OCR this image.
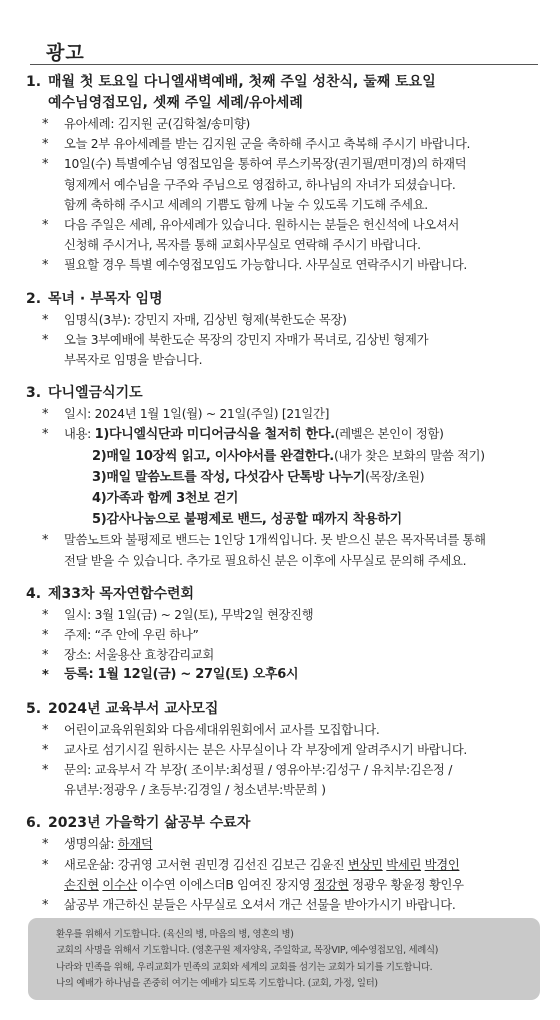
광고
1. 매월 첫 토요일 다니엘새벽예배, 첫째 주일 성찬식, 둘째 토요일
예수님영접모임, 셋째 주일 세례/유아세례
* 유아세례: 김지원 군(김학철/송미향)
* 오늘 2부 유아세례를 받는 김지원 군을 축하해 주시고 축복해 주시기 바랍니다.
* 10일(수) 특별예수님 영접모임을 통하여 루스키목장(권기필/편미경)의 하재덕
형제께서 예수님을 구주와 주님으로 영접하고, 하나님의 자녀가 되셨습니다.
함께 축하해 주시고 세례의 기쁨도 함께 나눌 수 있도록 기도해 주세요.
* 다음 주일은 세례, 유아세례가 있습니다. 원하시는 분들은 헌신석에 나오셔서
신청해 주시거나, 목자를 통해 교회사무실로 연락해 주시기 바랍니다.
* 필요할 경우 특별 예수영접모임도 가능합니다. 사무실로 연락주시기 바랍니다.
2. 목녀 · 부목자 임명
* 임명식(3부): 강민지 자매, 김상빈 형제(북한도순 목장)
* 오늘 3부예배에 북한도순 목장의 강민지 자매가 목녀로, 김상빈 형제가
부목자로 임명을 받습니다.
3. 다니엘금식기도
* 일시: 2024년 1월 1일(월) ~ 21일(주일) [21일간]
* 내용: 1)다니엘식단과 미디어금식을 철저히 한다.(레벨은 본인이 정함)
2)매일 10장씩 읽고, 이사야서를 완결한다.(내가 찾은 보화의 말씀 적기)
3)매일 말씀노트를 작성, 다섯감사 단톡방 나누기(목장/초원)
4)가족과 함께 3천보 걷기
5)감사나눔으로 불평제로 밴드, 성공할 때까지 착용하기
* 말씀노트와 불평제로 밴드는 1인당 1개씩입니다. 못 받으신 분은 목자목녀를 통해
전달 받을 수 있습니다. 추가로 필요하신 분은 이후에 사무실로 문의해 주세요.
4. 제33차 목자연합수련회
* 일시: 3월 1일(금) ~ 2일(토), 무박2일 현장진행
* 주제: “주 안에 우린 하나”
* 장소: 서울용산 효창감리교회
* 등록: 1월 12일(금) ~ 27일(토) 오후6시
5. 2024년 교육부서 교사모집
* 어린이교육위원회와 다음세대위원회에서 교사를 모집합니다.
* 교사로 섬기시길 원하시는 분은 사무실이나 각 부장에게 알려주시기 바랍니다.
* 문의: 교육부서 각 부장( 조이부:최성필 / 영유아부:김성구 / 유치부:김은정 /
유년부:정광우 / 초등부:김경일 / 청소년부:박문희 )
6. 2023년 가을학기 삶공부 수료자
* 생명의삶: 하재덕
* 새로운삶: 강귀영 고서현 권민경 김선진 김보근 김윤진 변상민 박세린 박경인
손진현 이수산 이수연 이에스더B 임여진 장지영 정강현 정광우 황윤정 황인우
* 삶공부 개근하신 분들은 사무실로 오셔서 개근 선물을 받아가시기 바랍니다.
환우를 위해서 기도합니다. (육신의 병, 마음의 병, 영혼의 병)
교회의 사명을 위해서 기도합니다. (영혼구원 제자양육, 주일학교, 목장VIP, 예수영접모임, 세례식)
나라와 민족을 위해, 우리교회가 민족의 교회와 세계의 교회를 섬기는 교회가 되기를 기도합니다.
나의 예배가 하나님을 존중히 여기는 예배가 되도록 기도합니다. (교회, 가정, 일터)
